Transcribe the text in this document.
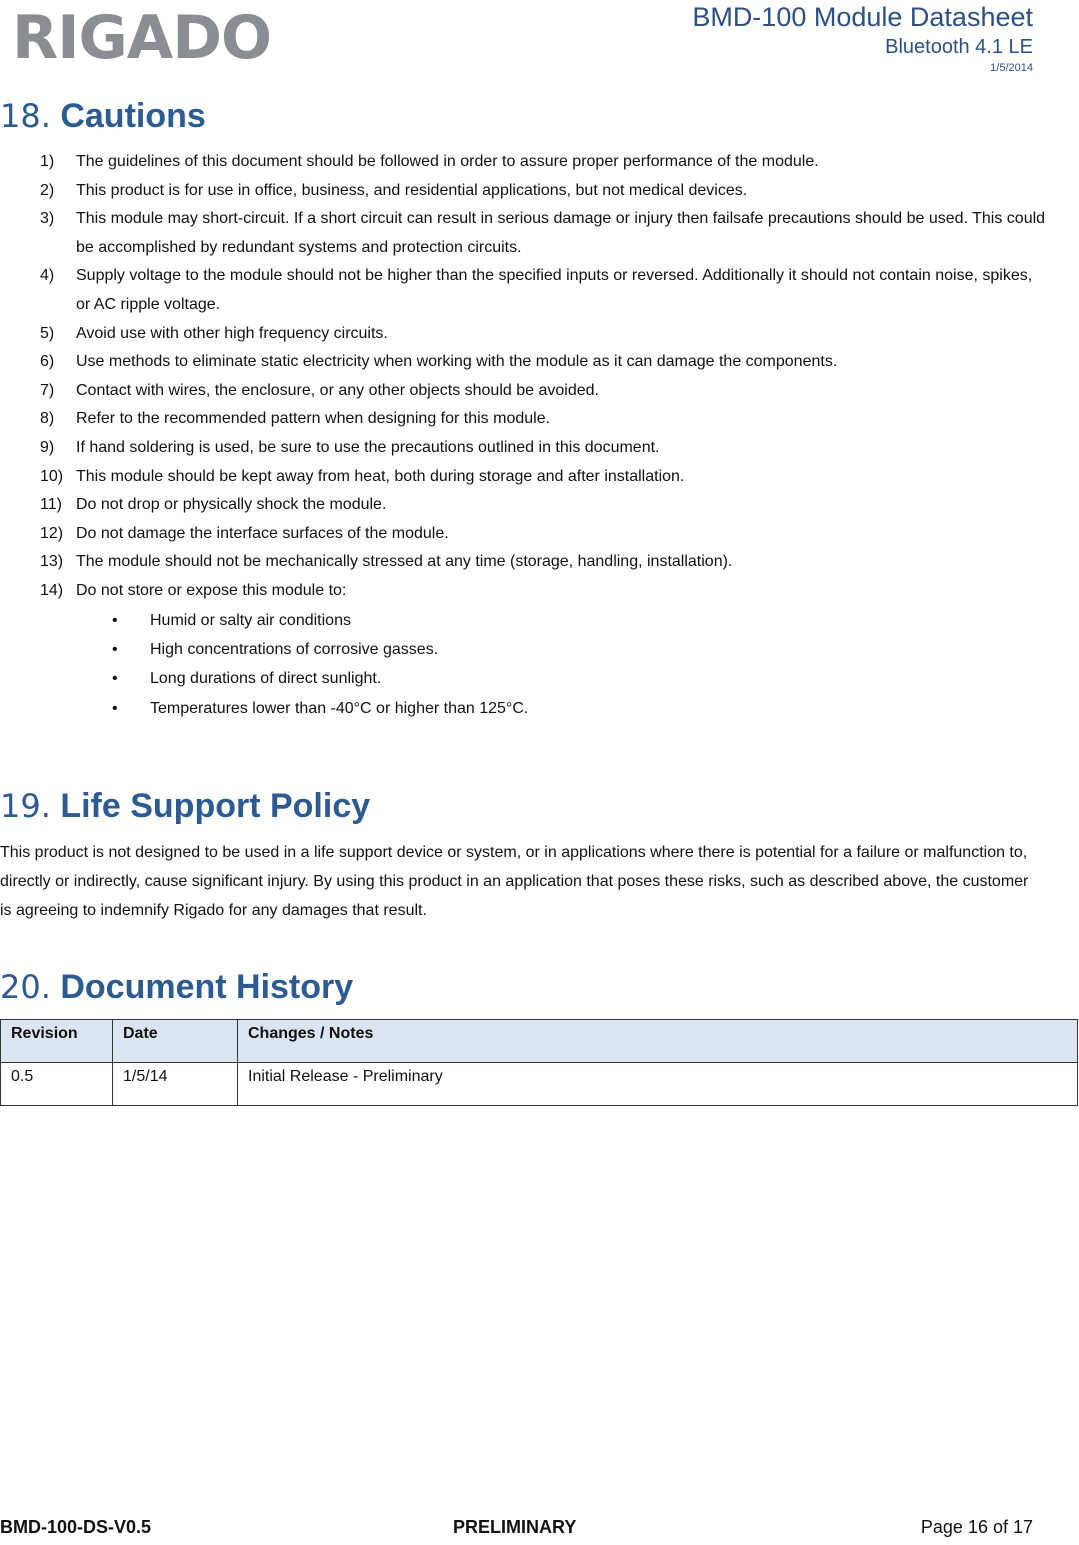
RIGADO	BMD-100 Module Datasheet
Bluetooth 4.1 LE
1/5/2014
18. Cautions
1) The guidelines of this document should be followed in order to assure proper performance of the module.
2) This product is for use in office, business, and residential applications, but not medical devices.
3) This module may short-circuit. If a short circuit can result in serious damage or injury then failsafe precautions should be used. This could be accomplished by redundant systems and protection circuits.
4) Supply voltage to the module should not be higher than the specified inputs or reversed. Additionally it should not contain noise, spikes, or AC ripple voltage.
5) Avoid use with other high frequency circuits.
6) Use methods to eliminate static electricity when working with the module as it can damage the components.
7) Contact with wires, the enclosure, or any other objects should be avoided.
8) Refer to the recommended pattern when designing for this module.
9) If hand soldering is used, be sure to use the precautions outlined in this document.
10) This module should be kept away from heat, both during storage and after installation.
11) Do not drop or physically shock the module.
12) Do not damage the interface surfaces of the module.
13) The module should not be mechanically stressed at any time (storage, handling, installation).
14) Do not store or expose this module to:
• Humid or salty air conditions
• High concentrations of corrosive gasses.
• Long durations of direct sunlight.
• Temperatures lower than -40°C or higher than 125°C.
19. Life Support Policy

This product is not designed to be used in a life support device or system, or in applications where there is potential for a failure or malfunction to, directly or indirectly, cause significant injury. By using this product in an application that poses these risks, such as described above, the customer is agreeing to indemnify Rigado for any damages that result.

20. Document History
Revision	Date	Changes / Notes
0.5	1/5/14	Initial Release - Preliminary
BMD-100-DS-V0.5	PRELIMINARY	Page 16 of 17
